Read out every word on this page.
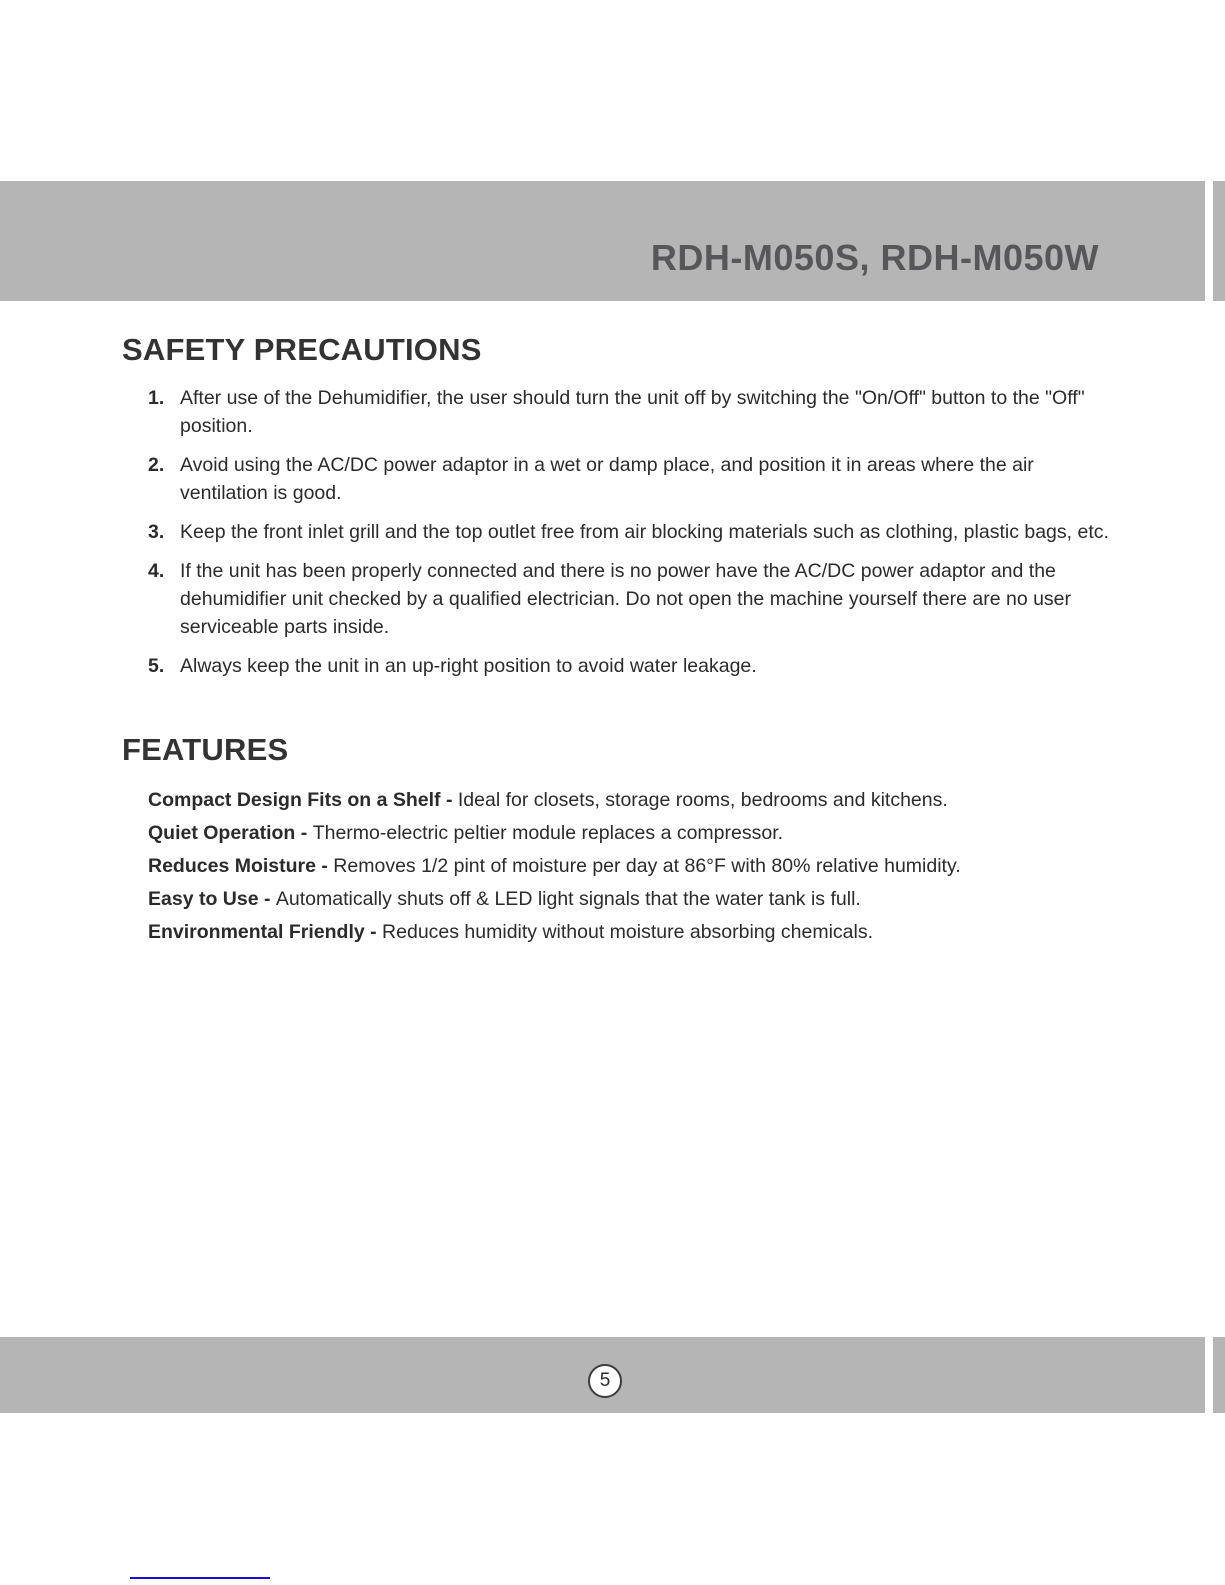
RDH-M050S, RDH-M050W
SAFETY PRECAUTIONS
1. After use of the Dehumidifier, the user should turn the unit off by switching the "On/Off" button to the "Off" position.
2. Avoid using the AC/DC power adaptor in a wet or damp place, and position it in areas where the air ventilation is good.
3. Keep the front inlet grill and the top outlet free from air blocking materials such as clothing, plastic bags, etc.
4. If the unit has been properly connected and there is no power have the AC/DC power adaptor and the dehumidifier unit checked by a qualified electrician. Do not open the machine yourself there are no user serviceable parts inside.
5. Always keep the unit in an up-right position to avoid water leakage.
FEATURES
Compact Design Fits on a Shelf - Ideal for closets, storage rooms, bedrooms and kitchens.
Quiet Operation - Thermo-electric peltier module replaces a compressor.
Reduces Moisture - Removes 1/2 pint of moisture per day at 86°F with 80% relative humidity.
Easy to Use - Automatically shuts off & LED light signals that the water tank is full.
Environmental Friendly - Reduces humidity without moisture absorbing chemicals.
5
